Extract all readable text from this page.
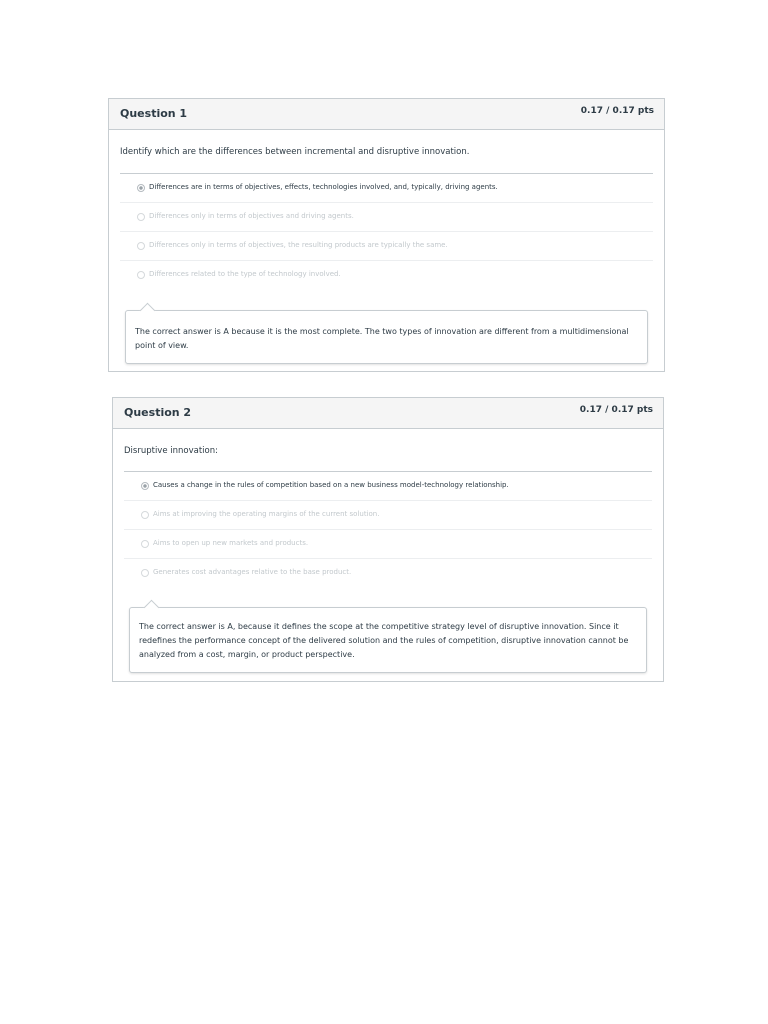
Question 1	0.17 / 0.17 pts
Identify which are the differences between incremental and disruptive innovation.
Differences are in terms of objectives, effects, technologies involved, and, typically, driving agents.
Differences only in terms of objectives and driving agents.
Differences only in terms of objectives, the resulting products are typically the same.
Differences related to the type of technology involved.
The correct answer is A because it is the most complete. The two types of innovation are different from a multidimensional point of view.
Question 2	0.17 / 0.17 pts
Disruptive innovation:
Causes a change in the rules of competition based on a new business model-technology relationship.
Aims at improving the operating margins of the current solution.
Aims to open up new markets and products.
Generates cost advantages relative to the base product.
The correct answer is A, because it defines the scope at the competitive strategy level of disruptive innovation. Since it redefines the performance concept of the delivered solution and the rules of competition, disruptive innovation cannot be analyzed from a cost, margin, or product perspective.
